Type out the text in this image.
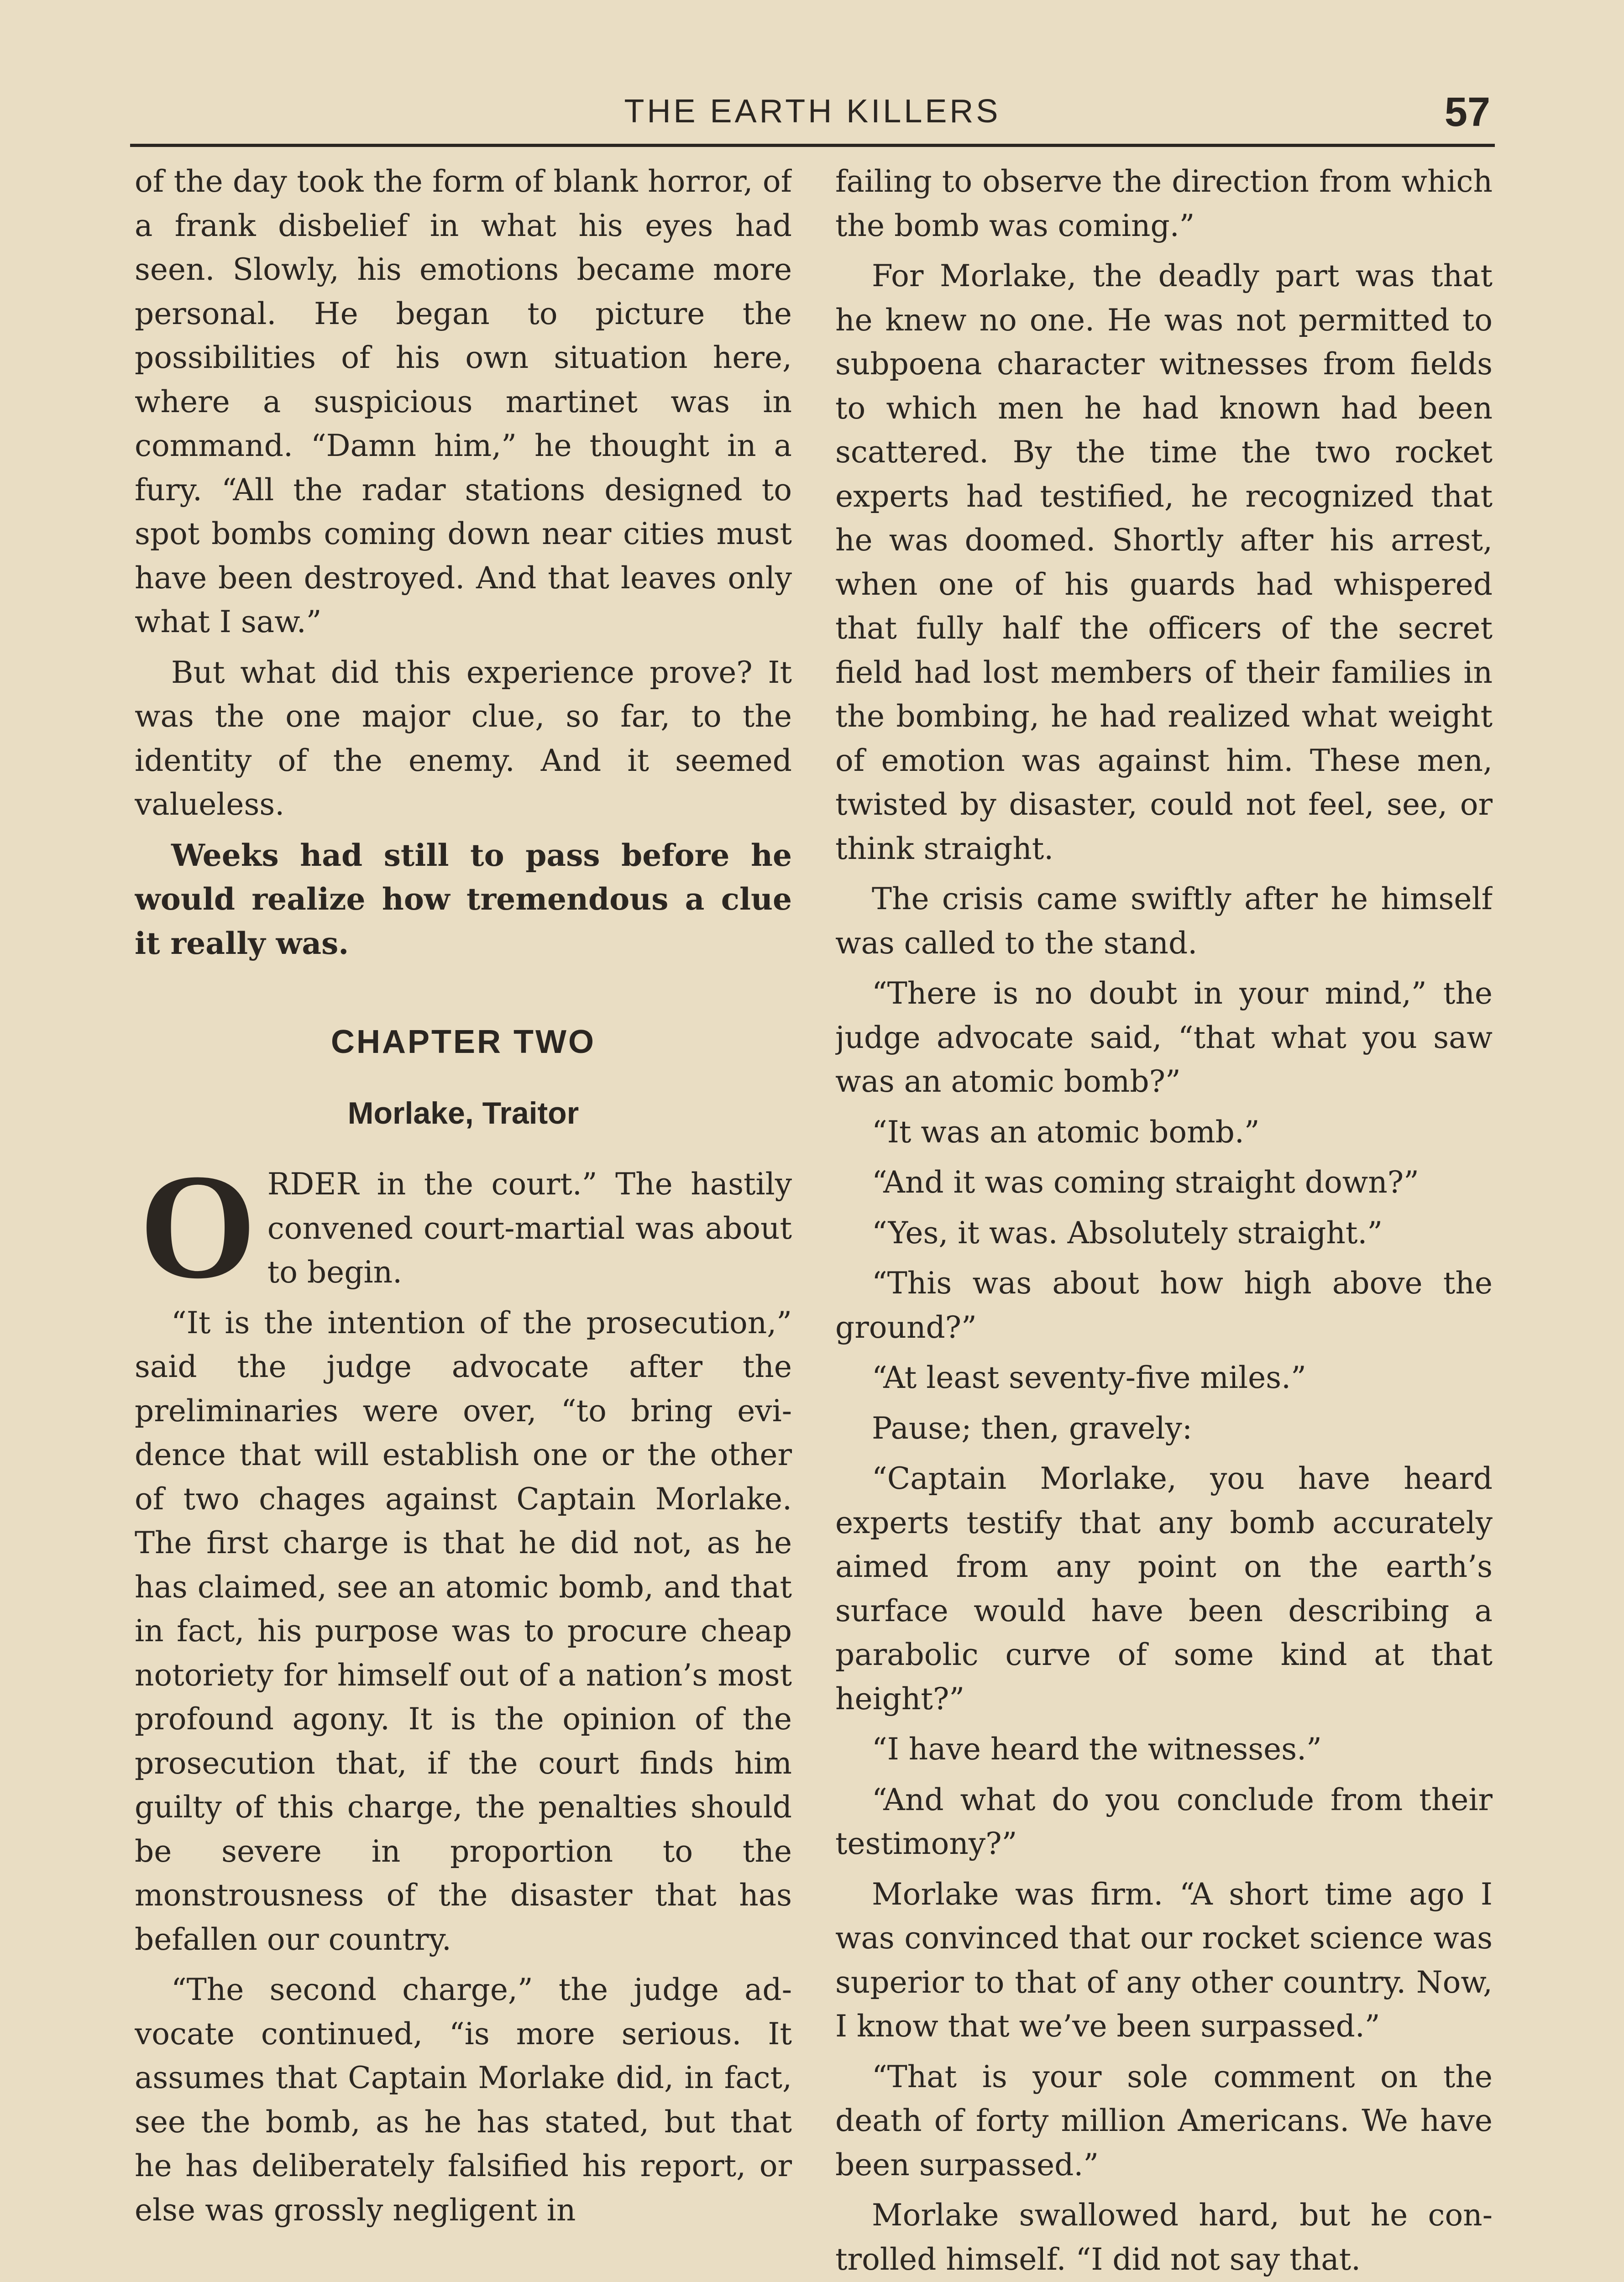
THE EARTH KILLERS	57

of the day took the form of blank horror, of a frank disbelief in what his eyes had seen. Slowly, his emotions became more personal. He began to picture the possibilities of his own situation here, where a suspicious martinet was in command. “Damn him,” he thought in a fury. “All the radar stations designed to spot bombs coming down near cities must have been destroyed. And that leaves only what I saw.”

But what did this experience prove? It was the one major clue, so far, to the identity of the enemy. And it seemed valueless.

Weeks had still to pass before he would realize how tremendous a clue it really was.

CHAPTER TWO
Morlake, Traitor

ORDER in the court.” The hastily convened court-martial was about to begin.

“It is the intention of the prosecution,” said the judge advocate after the preliminaries were over, “to bring evidence that will establish one or the other of two chages against Captain Morlake. The first charge is that he did not, as he has claimed, see an atomic bomb, and that in fact, his purpose was to procure cheap notoriety for himself out of a nation’s most profound agony. It is the opinion of the prosecution that, if the court finds him guilty of this charge, the penalties should be severe in proportion to the monstrousness of the disaster that has befallen our country.

“The second charge,” the judge advocate continued, “is more serious. It assumes that Captain Morlake did, in fact, see the bomb, as he has stated, but that he has deliberately falsified his report, or else was grossly negligent in

failing to observe the direction from which the bomb was coming.”

For Morlake, the deadly part was that he knew no one. He was not permitted to subpoena character witnesses from fields to which men he had known had been scattered. By the time the two rocket experts had testified, he recognized that he was doomed. Shortly after his arrest, when one of his guards had whispered that fully half the officers of the secret field had lost members of their families in the bombing, he had realized what weight of emotion was against him. These men, twisted by disaster, could not feel, see, or think straight.

The crisis came swiftly after he himself was called to the stand.

“There is no doubt in your mind,” the judge advocate said, “that what you saw was an atomic bomb?”

“It was an atomic bomb.”

“And it was coming straight down?”

“Yes, it was. Absolutely straight.”

“This was about how high above the ground?”

“At least seventy-five miles.”

Pause; then, gravely:

“Captain Morlake, you have heard experts testify that any bomb accurately aimed from any point on the earth’s surface would have been describing a parabolic curve of some kind at that height?”

“I have heard the witnesses.”

“And what do you conclude from their testimony?”

Morlake was firm. “A short time ago I was convinced that our rocket science was superior to that of any other country. Now, I know that we’ve been surpassed.”

“That is your sole comment on the death of forty million Americans. We have been surpassed.”

Morlake swallowed hard, but he controlled himself. “I did not say that.
